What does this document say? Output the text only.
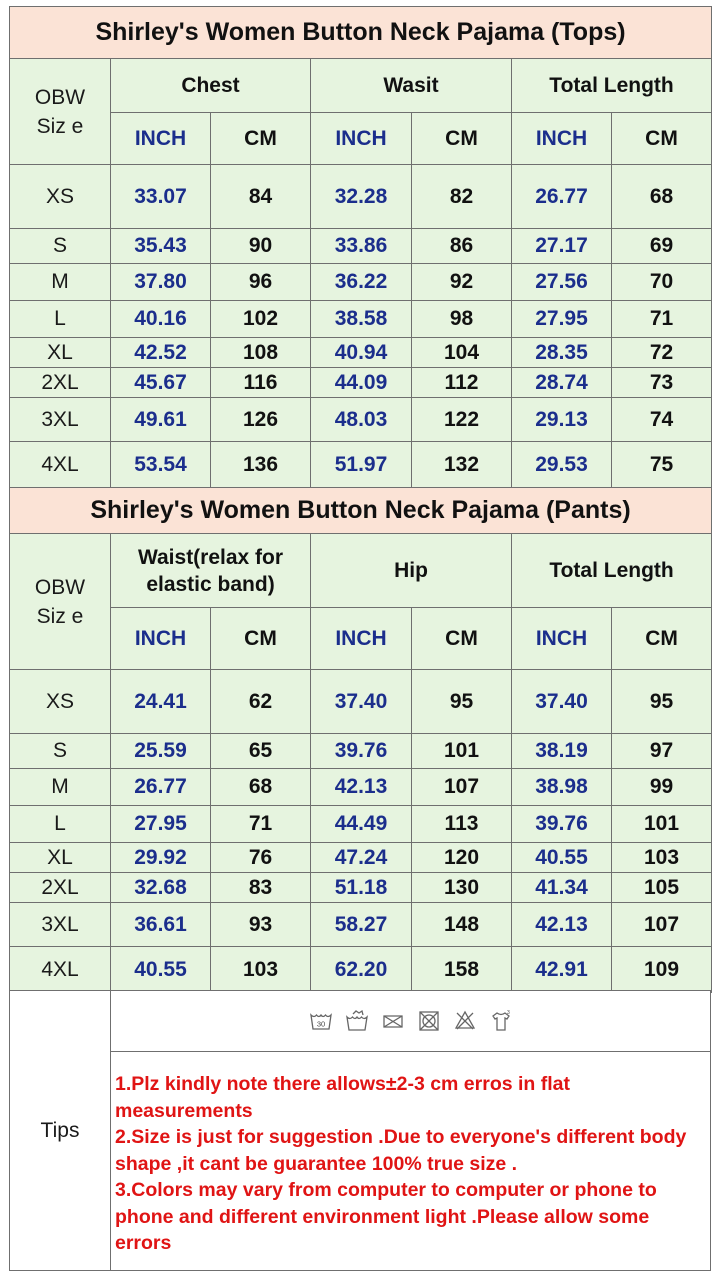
Shirley's Women Button Neck Pajama (Tops)						

OBW
Siz e	Chest		Wasit		Total Length	
	INCH	CM	INCH	CM	INCH	CM
XS	33.07	84	32.28	82	26.77	68
S	35.43	90	33.86	86	27.17	69
M	37.80	96	36.22	92	27.56	70
L	40.16	102	38.58	98	27.95	71
XL	42.52	108	40.94	104	28.35	72
2XL	45.67	116	44.09	112	28.74	73
3XL	49.61	126	48.03	122	29.13	74
4XL	53.54	136	51.97	132	29.53	75
Shirley's Women Button Neck Pajama (Pants)						

OBW
Siz e	Waist(relax for elastic band)		Hip		Total Length	
	INCH	CM	INCH	CM	INCH	CM
XS	24.41	62	37.40	95	37.40	95
S	25.59	65	39.76	101	38.19	97
M	26.77	68	42.13	107	38.98	99
L	27.95	71	44.49	113	39.76	101
XL	29.92	76	47.24	120	40.55	103
2XL	32.68	83	51.18	130	41.34	105
3XL	36.61	93	58.27	148	42.13	107
4XL	40.55	103	62.20	158	42.91	109
Tips
30
3

1.Plz kindly note there allows±2-3 cm erros in flat measurements

2.Size is just for suggestion .Due to everyone's different body shape ,it cant be guarantee 100% true size .

3.Colors may vary from computer to computer or phone to phone and different environment light .Please allow some errors
